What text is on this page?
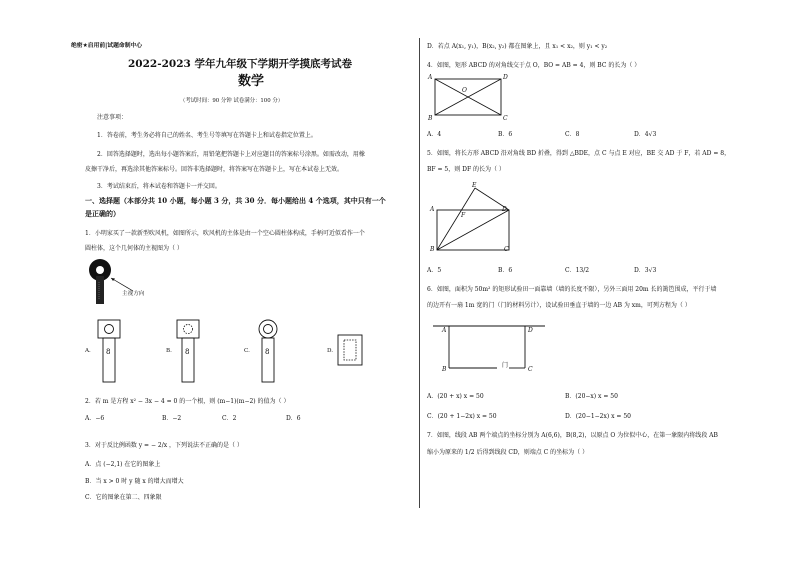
绝密★启用前|试题命制中心
2022-2023 学年九年级下学期开学摸底考试卷
数学
（考试时间：90 分钟 试卷满分：100 分）
注意事项：
1．答卷前，考生务必将自己的姓名、考生号等填写在答题卡上和试卷指定位置上。
2．回答选择题时，选出每小题答案后，用铅笔把答题卡上对应题目的答案标号涂黑。如需改动，用橡
皮擦干净后，再选涂其他答案标号。回答非选择题时，将答案写在答题卡上，写在本试卷上无效。
3．考试结束后，将本试卷和答题卡一并交回。
一、选择题（本部分共 10 小题，每小题 3 分，共 30 分．每小题给出 4 个选项，其中只有一个
是正确的）
1．小明家买了一款新型吹风机，如图所示，吹风机的主体是由一个空心圆柱体构成，手柄可近似看作一个
圆柱体，这个几何体的主视图为（ ）
主视方向
A. 8	B. 8	C. 8	D.
2．若 m 是方程 x² − 3x − 4 = 0 的一个根，则 (m−1)(m−2) 的值为（ ）
A．−6	B．−2	C．2	D．6
3．对于反比例函数 y = − 2/x ，下列说法不正确的是（ ）
A．点 (−2,1) 在它的图象上
B．当 x > 0 时 y 随 x 的增大而增大
C．它的图象在第二、四象限
D．若点 A(x₁, y₁)，B(x₂, y₂) 都在图象上，且 x₁ < x₂，则 y₁ < y₂
4．如图，矩形 ABCD 的对角线交于点 O，BO = AB = 4，则 BC 的长为（ ）
A	D
O
B	C
A．4	B．6	C．8	D．4√3
5．如图，将长方形 ABCD 沿对角线 BD 折叠，得到 △BDE，点 C 与点 E 对应，BE 交 AD 于 F，若 AD = 8，
BF = 5，则 DF 的长为（ ）
E
A
F
D
B	C
A．5	B．6	C．13/2	D．3√3
6．如图，面积为 50m² 的矩形试验田一面靠墙（墙的长度不限），另外三面用 20m 长的篱笆围成，平行于墙
的边开有一扇 1m 宽的门（门的材料另计），设试验田垂直于墙的一边 AB 为 xm，可列方程为（ ）
A	D
B	C
门
A．(20 + x) x = 50	B．(20−x) x = 50
C．(20 + 1−2x) x = 50	D．(20−1−2x) x = 50
7．如图，线段 AB 两个端点的坐标分别为 A(6,6)，B(8,2)，以原点 O 为位似中心，在第一象限内将线段 AB
缩小为原来的 1/2 后得到线段 CD，则端点 C 的坐标为（ ）
